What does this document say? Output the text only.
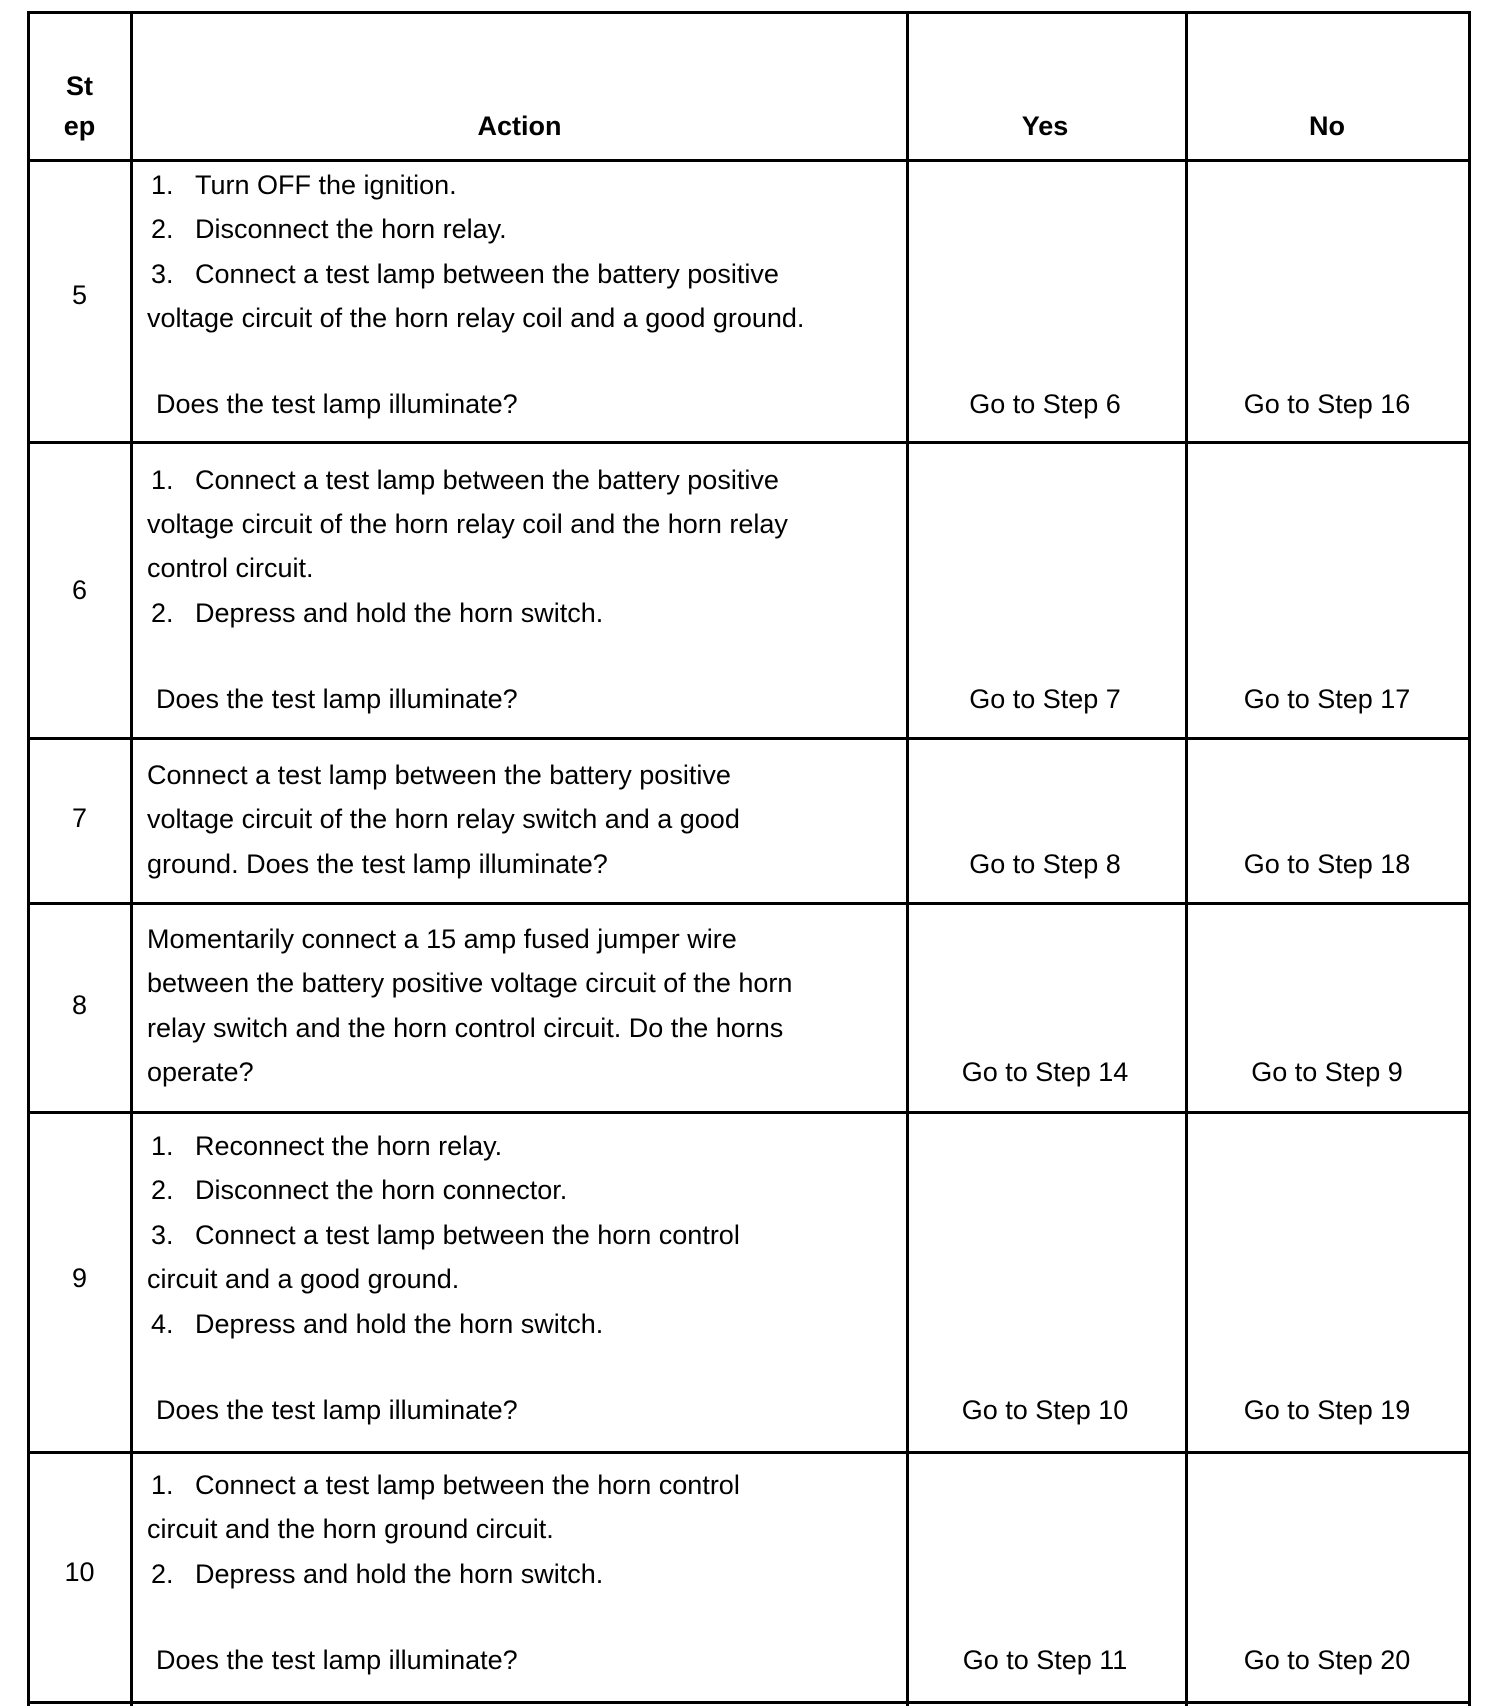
St
ep	Action	Yes	No
5
1. Turn OFF the ignition.
2. Disconnect the horn relay.
3. Connect a test lamp between the battery positive
voltage circuit of the horn relay coil and a good ground.
Does the test lamp illuminate?	Go to Step 6	Go to Step 16
6
1. Connect a test lamp between the battery positive
voltage circuit of the horn relay coil and the horn relay
control circuit.
2. Depress and hold the horn switch.
Does the test lamp illuminate?	Go to Step 7	Go to Step 17
7
Connect a test lamp between the battery positive
voltage circuit of the horn relay switch and a good
ground. Does the test lamp illuminate?	Go to Step 8	Go to Step 18
8
Momentarily connect a 15 amp fused jumper wire
between the battery positive voltage circuit of the horn
relay switch and the horn control circuit. Do the horns
operate?	Go to Step 14	Go to Step 9
9
1. Reconnect the horn relay.
2. Disconnect the horn connector.
3. Connect a test lamp between the horn control
circuit and a good ground.
4. Depress and hold the horn switch.
Does the test lamp illuminate?	Go to Step 10	Go to Step 19
10
1. Connect a test lamp between the horn control
circuit and the horn ground circuit.
2. Depress and hold the horn switch.
Does the test lamp illuminate?	Go to Step 11	Go to Step 20
